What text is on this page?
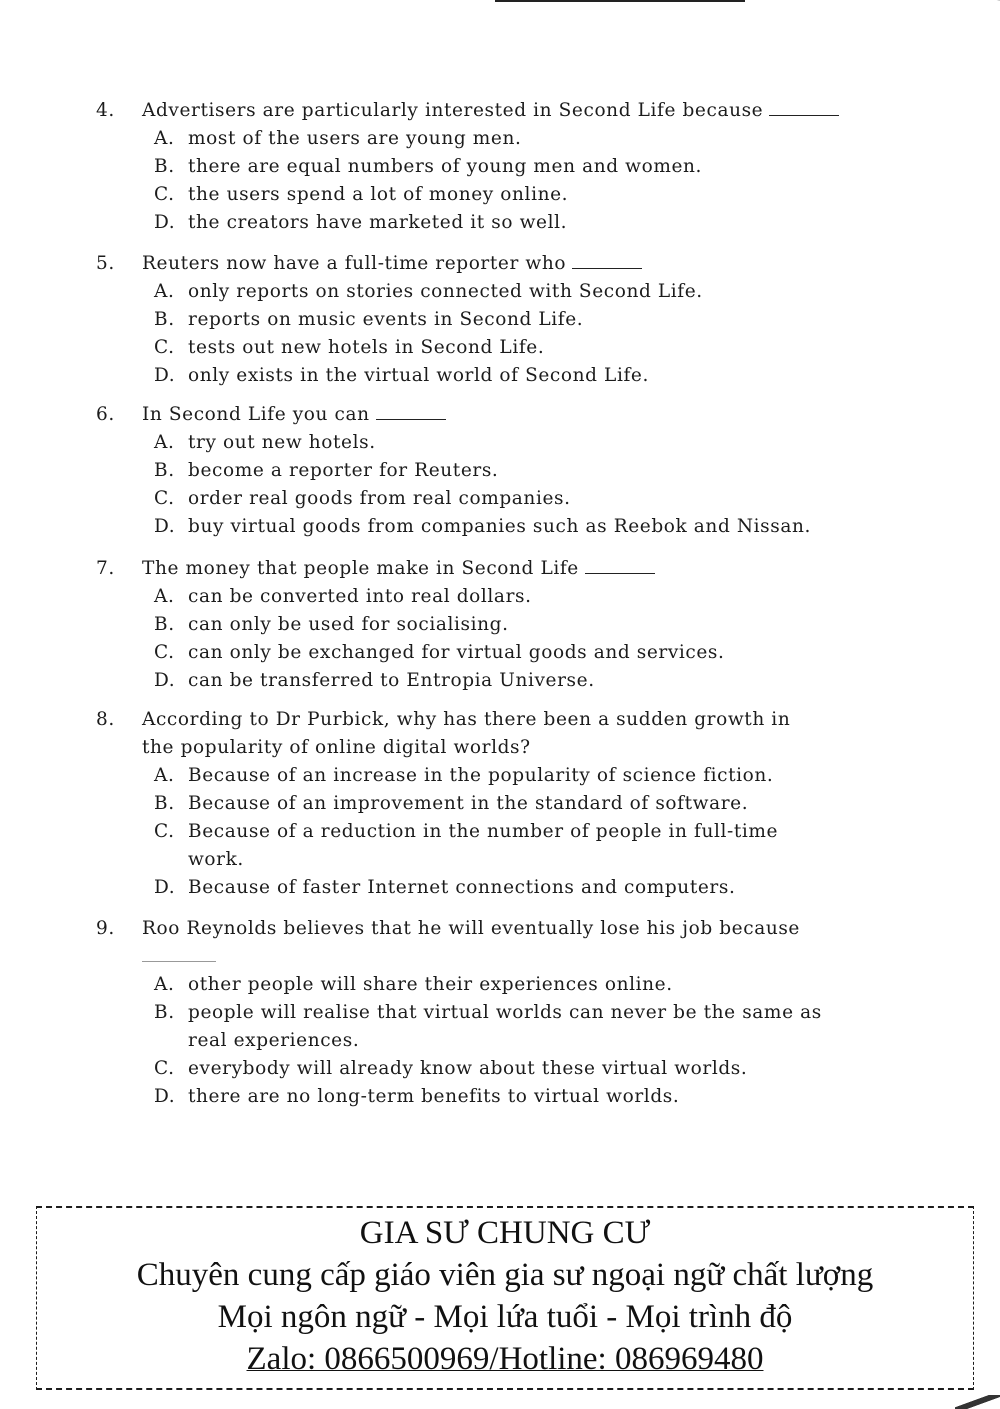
4.	Advertisers are particularly interested in Second Life because
A. most of the users are young men.
B. there are equal numbers of young men and women.
C. the users spend a lot of money online.
D. the creators have marketed it so well.
5.	Reuters now have a full-time reporter who
A. only reports on stories connected with Second Life.
B. reports on music events in Second Life.
C. tests out new hotels in Second Life.
D. only exists in the virtual world of Second Life.
6.	In Second Life you can
A. try out new hotels.
B. become a reporter for Reuters.
C. order real goods from real companies.
D. buy virtual goods from companies such as Reebok and Nissan.
7.	The money that people make in Second Life
A. can be converted into real dollars.
B. can only be used for socialising.
C. can only be exchanged for virtual goods and services.
D. can be transferred to Entropia Universe.
8.	According to Dr Purbick, why has there been a sudden growth in
the popularity of online digital worlds?
A. Because of an increase in the popularity of science fiction.
B. Because of an improvement in the standard of software.
C. Because of a reduction in the number of people in full-time
work.
D. Because of faster Internet connections and computers.
9.	Roo Reynolds believes that he will eventually lose his job because
A. other people will share their experiences online.
B. people will realise that virtual worlds can never be the same as
real experiences.
C. everybody will already know about these virtual worlds.
D. there are no long-term benefits to virtual worlds.
GIA SƯ CHUNG CƯ
Chuyên cung cấp giáo viên gia sư ngoại ngữ chất lượng
Mọi ngôn ngữ - Mọi lứa tuổi - Mọi trình độ
Zalo: 0866500969/Hotline: 086969480
